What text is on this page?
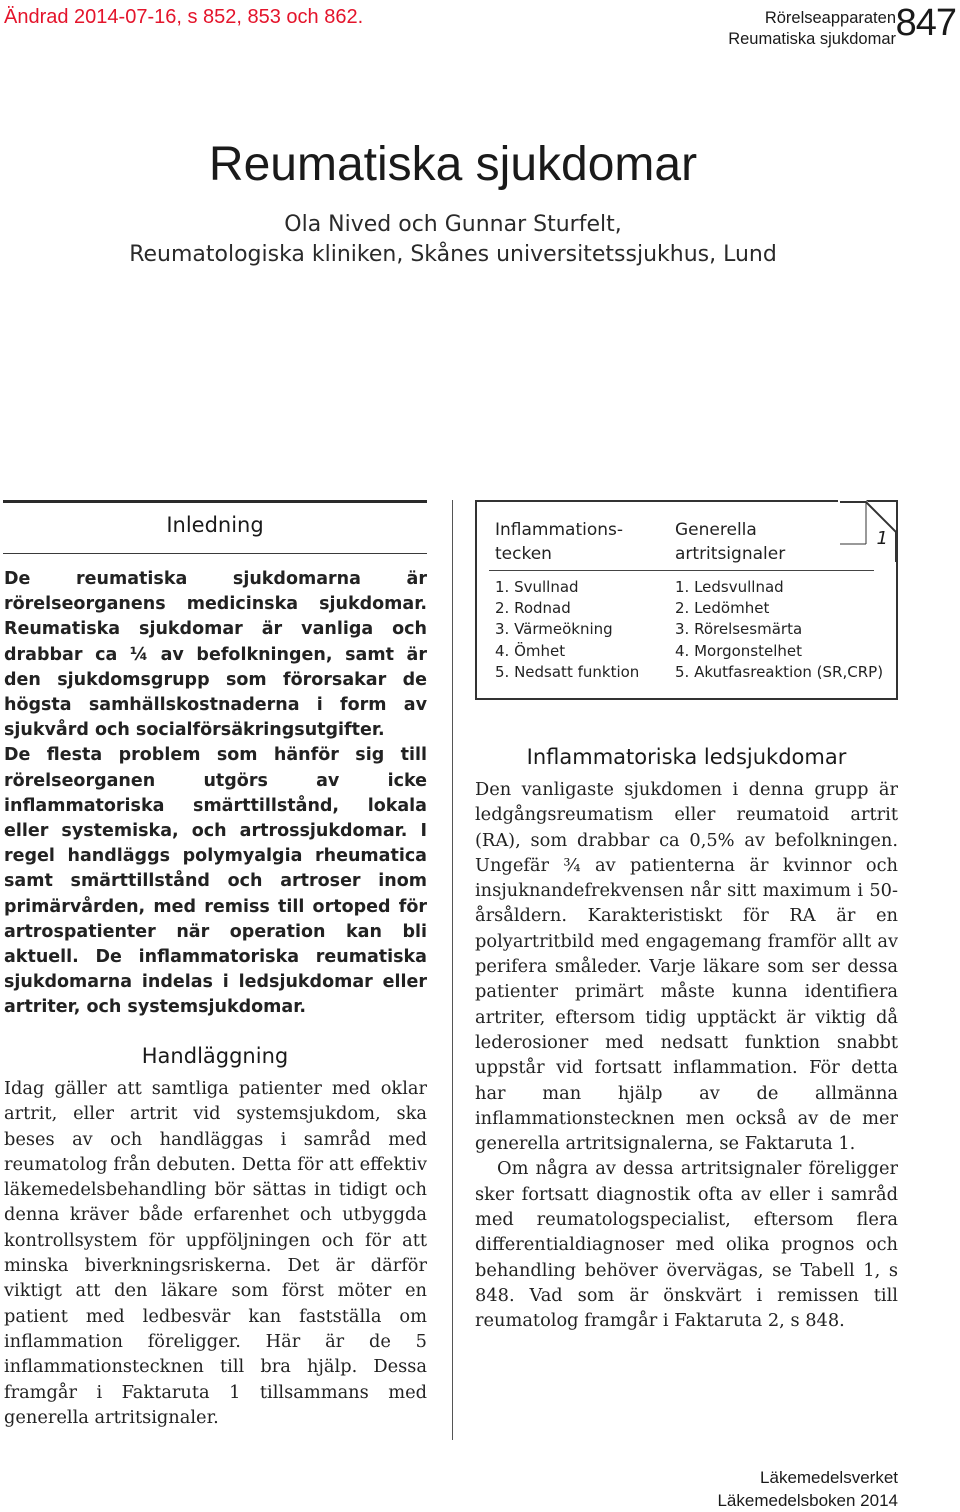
Ändrad 2014-07-16, s 852, 853 och 862.	Rörelseapparaten
Reumatiska sjukdomar 847
Reumatiska sjukdomar
Ola Nived och Gunnar Sturfelt,
Reumatologiska kliniken, Skånes universitetssjukhus, Lund
Inledning

De reumatiska sjukdomarna är rörelseorganens medicinska sjukdomar. Reumatiska sjukdomar är vanliga och drabbar ca ¼ av befolkningen, samt är den sjukdomsgrupp som förorsakar de högsta samhällskostnaderna i form av sjukvård och socialförsäkringsutgifter.

De flesta problem som hänför sig till rörelseorganen utgörs av icke inflammatoriska smärttillstånd, lokala eller systemiska, och artrossjukdomar. I regel handläggs polymyalgia rheumatica samt smärttillstånd och artroser inom primärvården, med remiss till ortoped för artrospatienter när operation kan bli aktuell. De inflammatoriska reumatiska sjukdomarna indelas i ledsjukdomar eller artriter, och systemsjukdomar.

Handläggning

Idag gäller att samtliga patienter med oklar artrit, eller artrit vid systemsjukdom, ska beses av och handläggas i samråd med reumatolog från debuten. Detta för att effektiv läkemedelsbehandling bör sättas in tidigt och denna kräver både erfarenhet och utbyggda kontrollsystem för uppföljningen och för att minska biverkningsriskerna. Det är därför viktigt att den läkare som först möter en patient med ledbesvär kan fastställa om inflammation föreligger. Här är de 5 inflammationstecknen till bra hjälp. Dessa framgår i Faktaruta 1 tillsammans med generella artritsignaler.

Inflammations-
tecken
Generella
artritsignaler
1. Svullnad
2. Rodnad
3. Värmeökning
4. Ömhet
5. Nedsatt funktion
1. Ledsvullnad
2. Ledömhet
3. Rörelsesmärta
4. Morgonstelhet
5. Akutfasreaktion (SR,CRP)
1
Inflammatoriska ledsjukdomar

Den vanligaste sjukdomen i denna grupp är ledgångsreumatism eller reumatoid artrit (RA), som drabbar ca 0,5% av befolkningen. Ungefär ¾ av patienterna är kvinnor och insjuknandefrekvensen når sitt maximum i 50-årsåldern. Karakteristiskt för RA är en polyartritbild med engagemang framför allt av perifera småleder. Varje läkare som ser dessa patienter primärt måste kunna identifiera artriter, eftersom tidig upptäckt är viktig då lederosioner med nedsatt funktion snabbt uppstår vid fortsatt inflammation. För detta har man hjälp av de allmänna inflammationstecknen men också av de mer generella artritsignalerna, se Faktaruta 1.

Om några av dessa artritsignaler föreligger sker fortsatt diagnostik ofta av eller i samråd med reumatologspecialist, eftersom flera differentialdiagnoser med olika prognos och behandling behöver övervägas, se Tabell 1, s 848. Vad som är önskvärt i remissen till reumatolog framgår i Faktaruta 2, s 848.

Läkemedelsverket
Läkemedelsboken 2014
